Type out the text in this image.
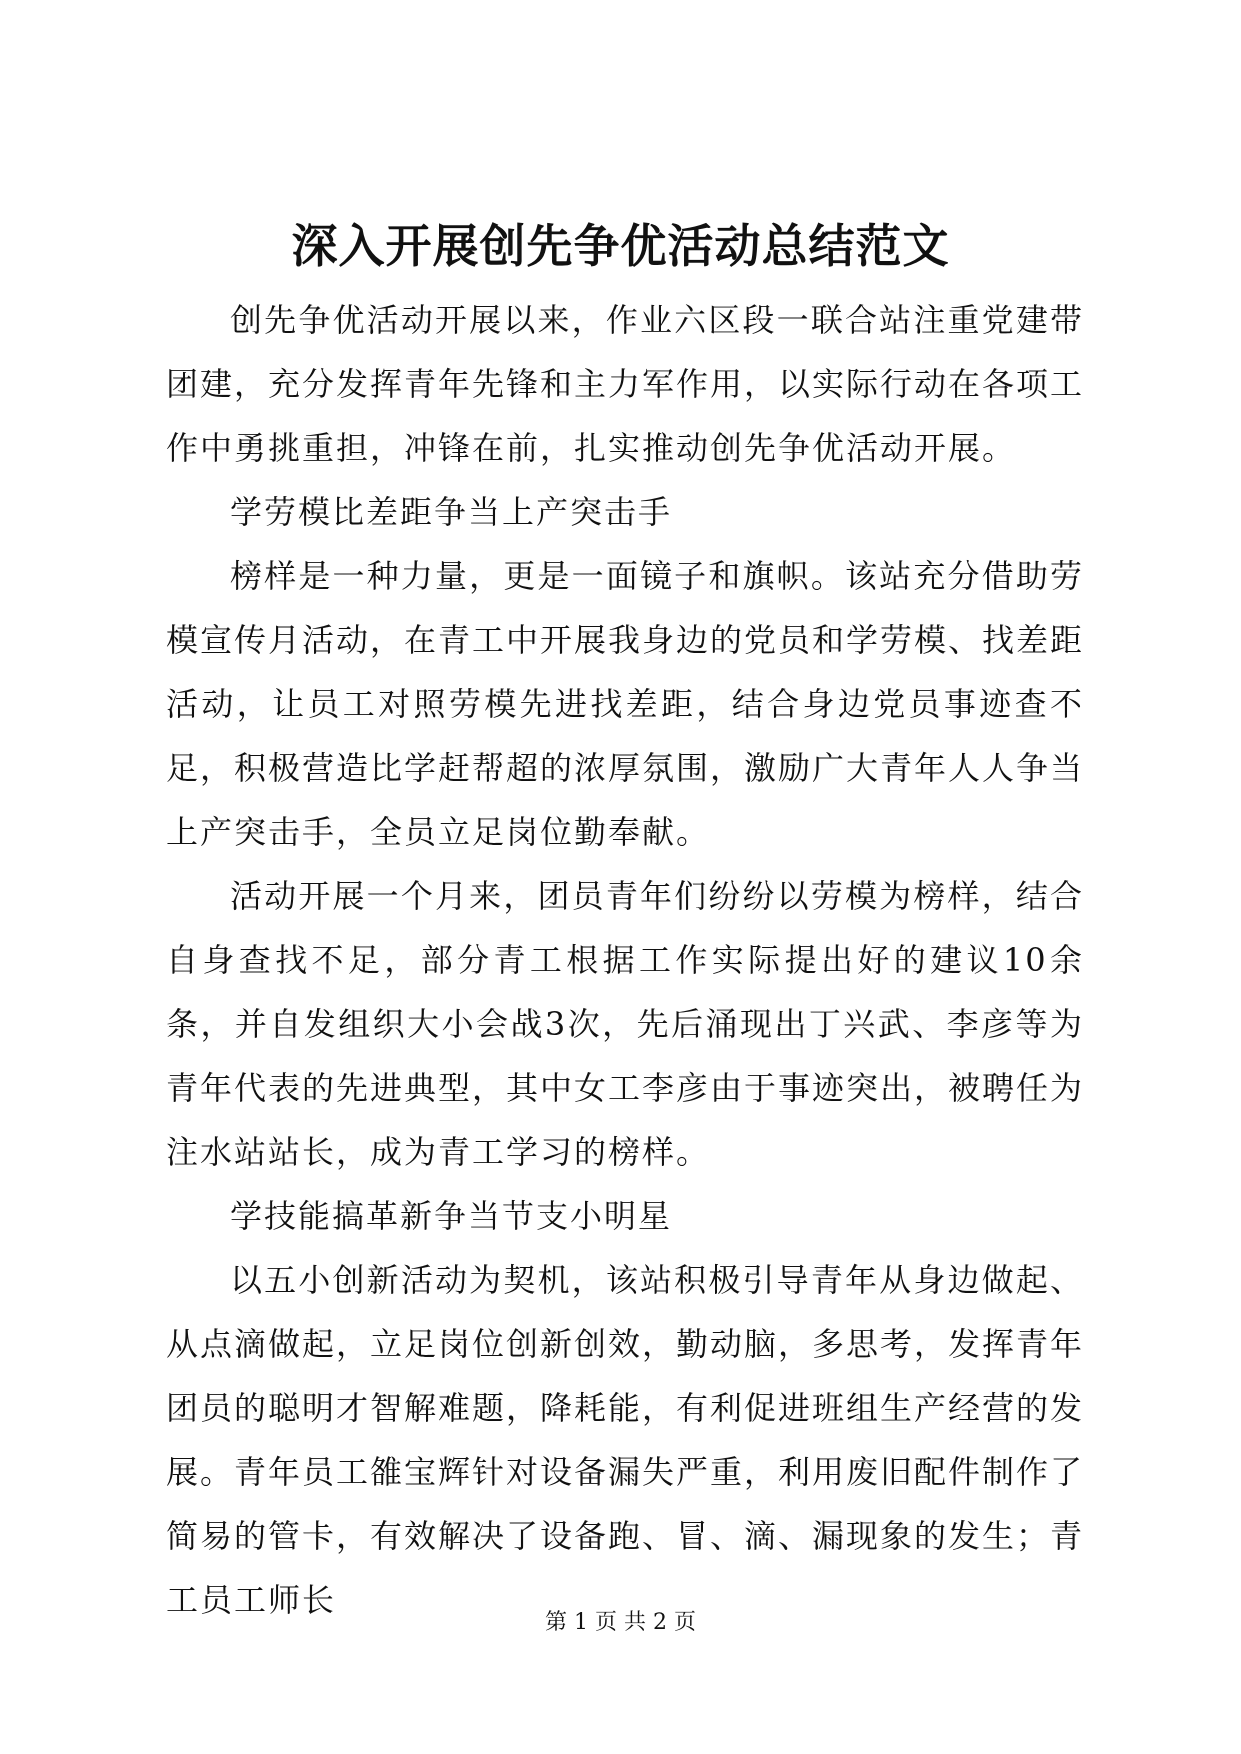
深入开展创先争优活动总结范文

创先争优活动开展以来，作业六区段一联合站注重党建带团建，充分发挥青年先锋和主力军作用，以实际行动在各项工作中勇挑重担，冲锋在前，扎实推动创先争优活动开展。

学劳模比差距争当上产突击手

榜样是一种力量，更是一面镜子和旗帜。该站充分借助劳模宣传月活动，在青工中开展我身边的党员和学劳模、找差距活动，让员工对照劳模先进找差距，结合身边党员事迹查不足，积极营造比学赶帮超的浓厚氛围，激励广大青年人人争当上产突击手，全员立足岗位勤奉献。

活动开展一个月来，团员青年们纷纷以劳模为榜样，结合自身查找不足，部分青工根据工作实际提出好的建议10余条，并自发组织大小会战3次，先后涌现出丁兴武、李彦等为青年代表的先进典型，其中女工李彦由于事迹突出，被聘任为注水站站长，成为青工学习的榜样。

学技能搞革新争当节支小明星

以五小创新活动为契机，该站积极引导青年从身边做起、从点滴做起，立足岗位创新创效，勤动脑，多思考，发挥青年团员的聪明才智解难题，降耗能，有利促进班组生产经营的发展。青年员工雒宝辉针对设备漏失严重，利用废旧配件制作了简易的管卡，有效解决了设备跑、冒、滴、漏现象的发生；青工员工师长

第 1 页 共 2 页
